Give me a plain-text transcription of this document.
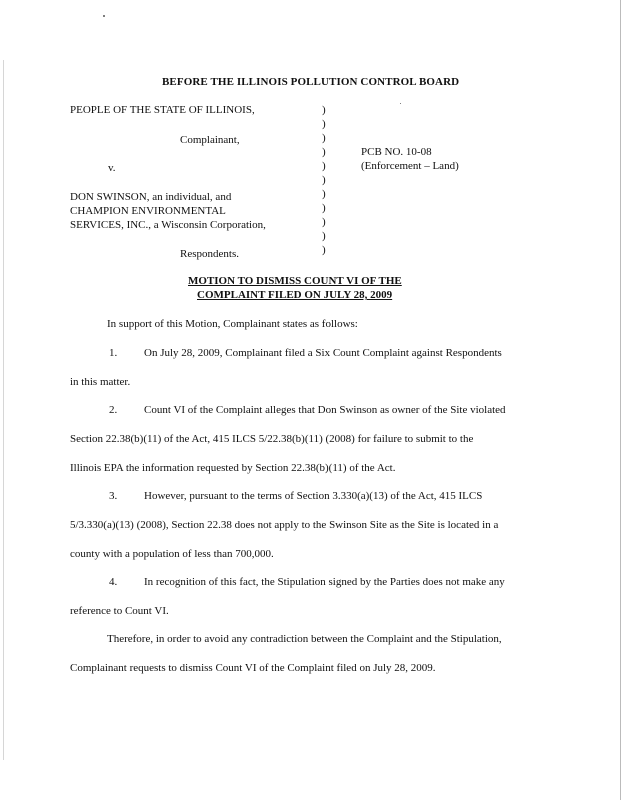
BEFORE THE ILLINOIS POLLUTION CONTROL BOARD
PEOPLE OF THE STATE OF ILLINOIS,
Complainant,
v.
DON SWINSON, an individual, and
CHAMPION ENVIRONMENTAL
SERVICES, INC., a Wisconsin Corporation,
Respondents.
)
)
)
)
)
)
)
)
)
)
)
PCB NO. 10-08
(Enforcement – Land)
MOTION TO DISMISS COUNT VI OF THE
COMPLAINT FILED ON JULY 28, 2009
In support of this Motion, Complainant states as follows:
1. On July 28, 2009, Complainant filed a Six Count Complaint against Respondents
in this matter.
2. Count VI of the Complaint alleges that Don Swinson as owner of the Site violated
Section 22.38(b)(11) of the Act, 415 ILCS 5/22.38(b)(11) (2008) for failure to submit to the
Illinois EPA the information requested by Section 22.38(b)(11) of the Act.
3. However, pursuant to the terms of Section 3.330(a)(13) of the Act, 415 ILCS
5/3.330(a)(13) (2008), Section 22.38 does not apply to the Swinson Site as the Site is located in a
county with a population of less than 700,000.
4. In recognition of this fact, the Stipulation signed by the Parties does not make any
reference to Count VI.
Therefore, in order to avoid any contradiction between the Complaint and the Stipulation,
Complainant requests to dismiss Count VI of the Complaint filed on July 28, 2009.
